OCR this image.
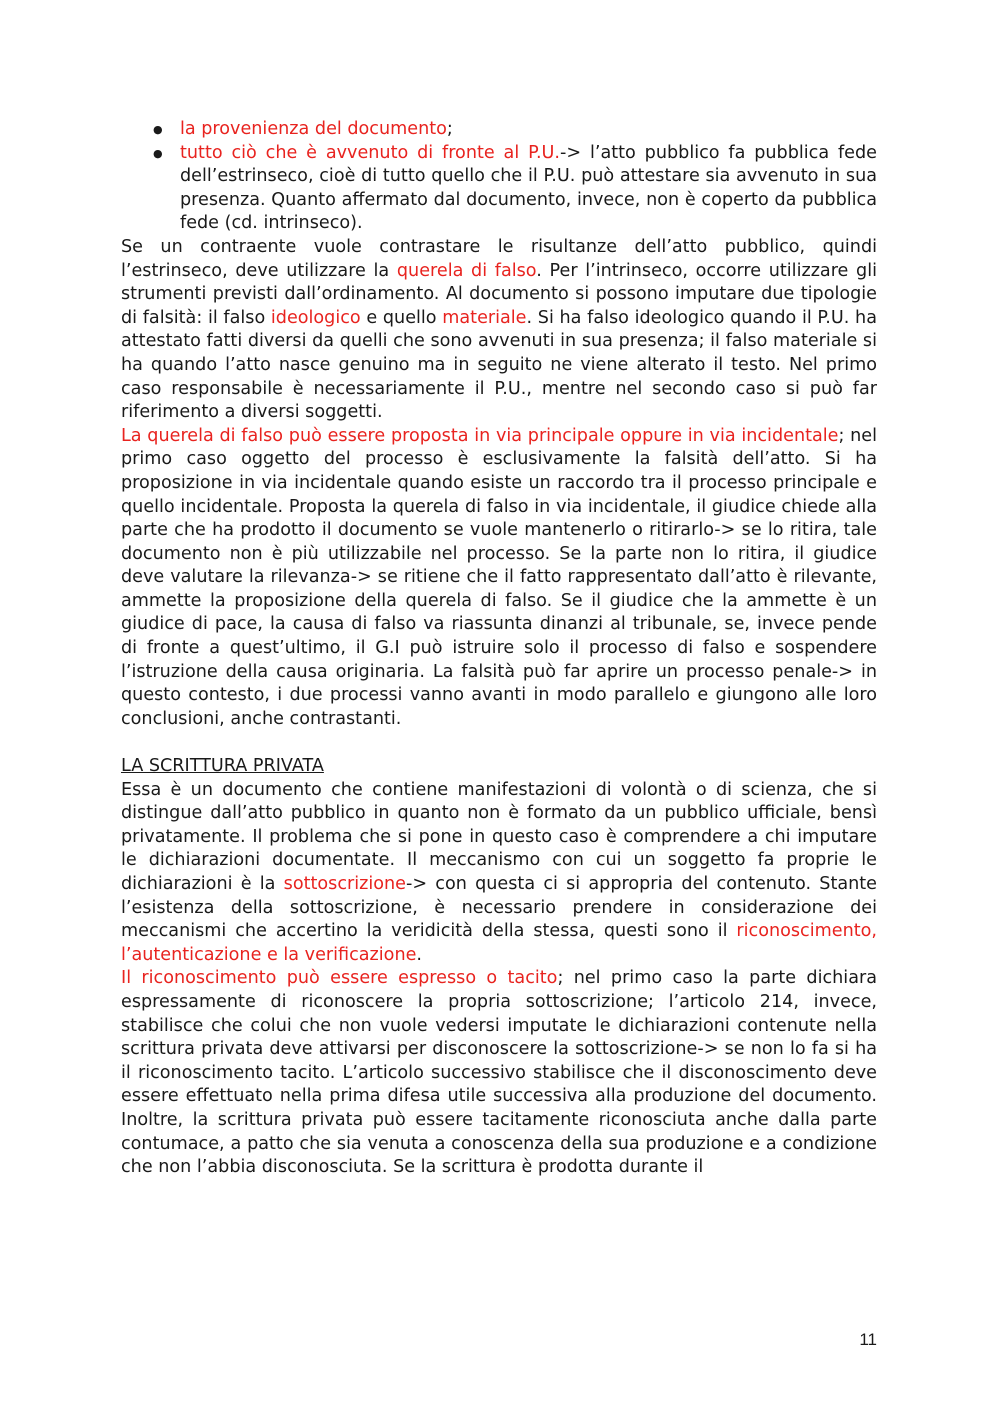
● la provenienza del documento;
● tutto ciò che è avvenuto di fronte al P.U.-> l’atto pubblico fa pubblica fede dell’estrinseco, cioè di tutto quello che il P.U. può attestare sia avvenuto in sua presenza. Quanto affermato dal documento, invece, non è coperto da pubblica fede (cd. intrinseco).

Se un contraente vuole contrastare le risultanze dell’atto pubblico, quindi l’estrinseco, deve utilizzare la querela di falso. Per l’intrinseco, occorre utilizzare gli strumenti previsti dall’ordinamento. Al documento si possono imputare due tipologie di falsità: il falso ideologico e quello materiale. Si ha falso ideologico quando il P.U. ha attestato fatti diversi da quelli che sono avvenuti in sua presenza; il falso materiale si ha quando l’atto nasce genuino ma in seguito ne viene alterato il testo. Nel primo caso responsabile è necessariamente il P.U., mentre nel secondo caso si può far riferimento a diversi soggetti.

La querela di falso può essere proposta in via principale oppure in via incidentale; nel primo caso oggetto del processo è esclusivamente la falsità dell’atto. Si ha proposizione in via incidentale quando esiste un raccordo tra il processo principale e quello incidentale. Proposta la querela di falso in via incidentale, il giudice chiede alla parte che ha prodotto il documento se vuole mantenerlo o ritirarlo-> se lo ritira, tale documento non è più utilizzabile nel processo. Se la parte non lo ritira, il giudice deve valutare la rilevanza-> se ritiene che il fatto rappresentato dall’atto è rilevante, ammette la proposizione della querela di falso. Se il giudice che la ammette è un giudice di pace, la causa di falso va riassunta dinanzi al tribunale, se, invece pende di fronte a quest’ultimo, il G.I può istruire solo il processo di falso e sospendere l’istruzione della causa originaria. La falsità può far aprire un processo penale-> in questo contesto, i due processi vanno avanti in modo parallelo e giungono alle loro conclusioni, anche contrastanti.

LA SCRITTURA PRIVATA

Essa è un documento che contiene manifestazioni di volontà o di scienza, che si distingue dall’atto pubblico in quanto non è formato da un pubblico ufficiale, bensì privatamente. Il problema che si pone in questo caso è comprendere a chi imputare le dichiarazioni documentate. Il meccanismo con cui un soggetto fa proprie le dichiarazioni è la sottoscrizione-> con questa ci si appropria del contenuto. Stante l’esistenza della sottoscrizione, è necessario prendere in considerazione dei meccanismi che accertino la veridicità della stessa, questi sono il riconoscimento, l’autenticazione e la verificazione.

Il riconoscimento può essere espresso o tacito; nel primo caso la parte dichiara espressamente di riconoscere la propria sottoscrizione; l’articolo 214, invece, stabilisce che colui che non vuole vedersi imputate le dichiarazioni contenute nella scrittura privata deve attivarsi per disconoscere la sottoscrizione-> se non lo fa si ha il riconoscimento tacito. L’articolo successivo stabilisce che il disconoscimento deve essere effettuato nella prima difesa utile successiva alla produzione del documento. Inoltre, la scrittura privata può essere tacitamente riconosciuta anche dalla parte contumace, a patto che sia venuta a conoscenza della sua produzione e a condizione che non l’abbia disconosciuta. Se la scrittura è prodotta durante il

11
